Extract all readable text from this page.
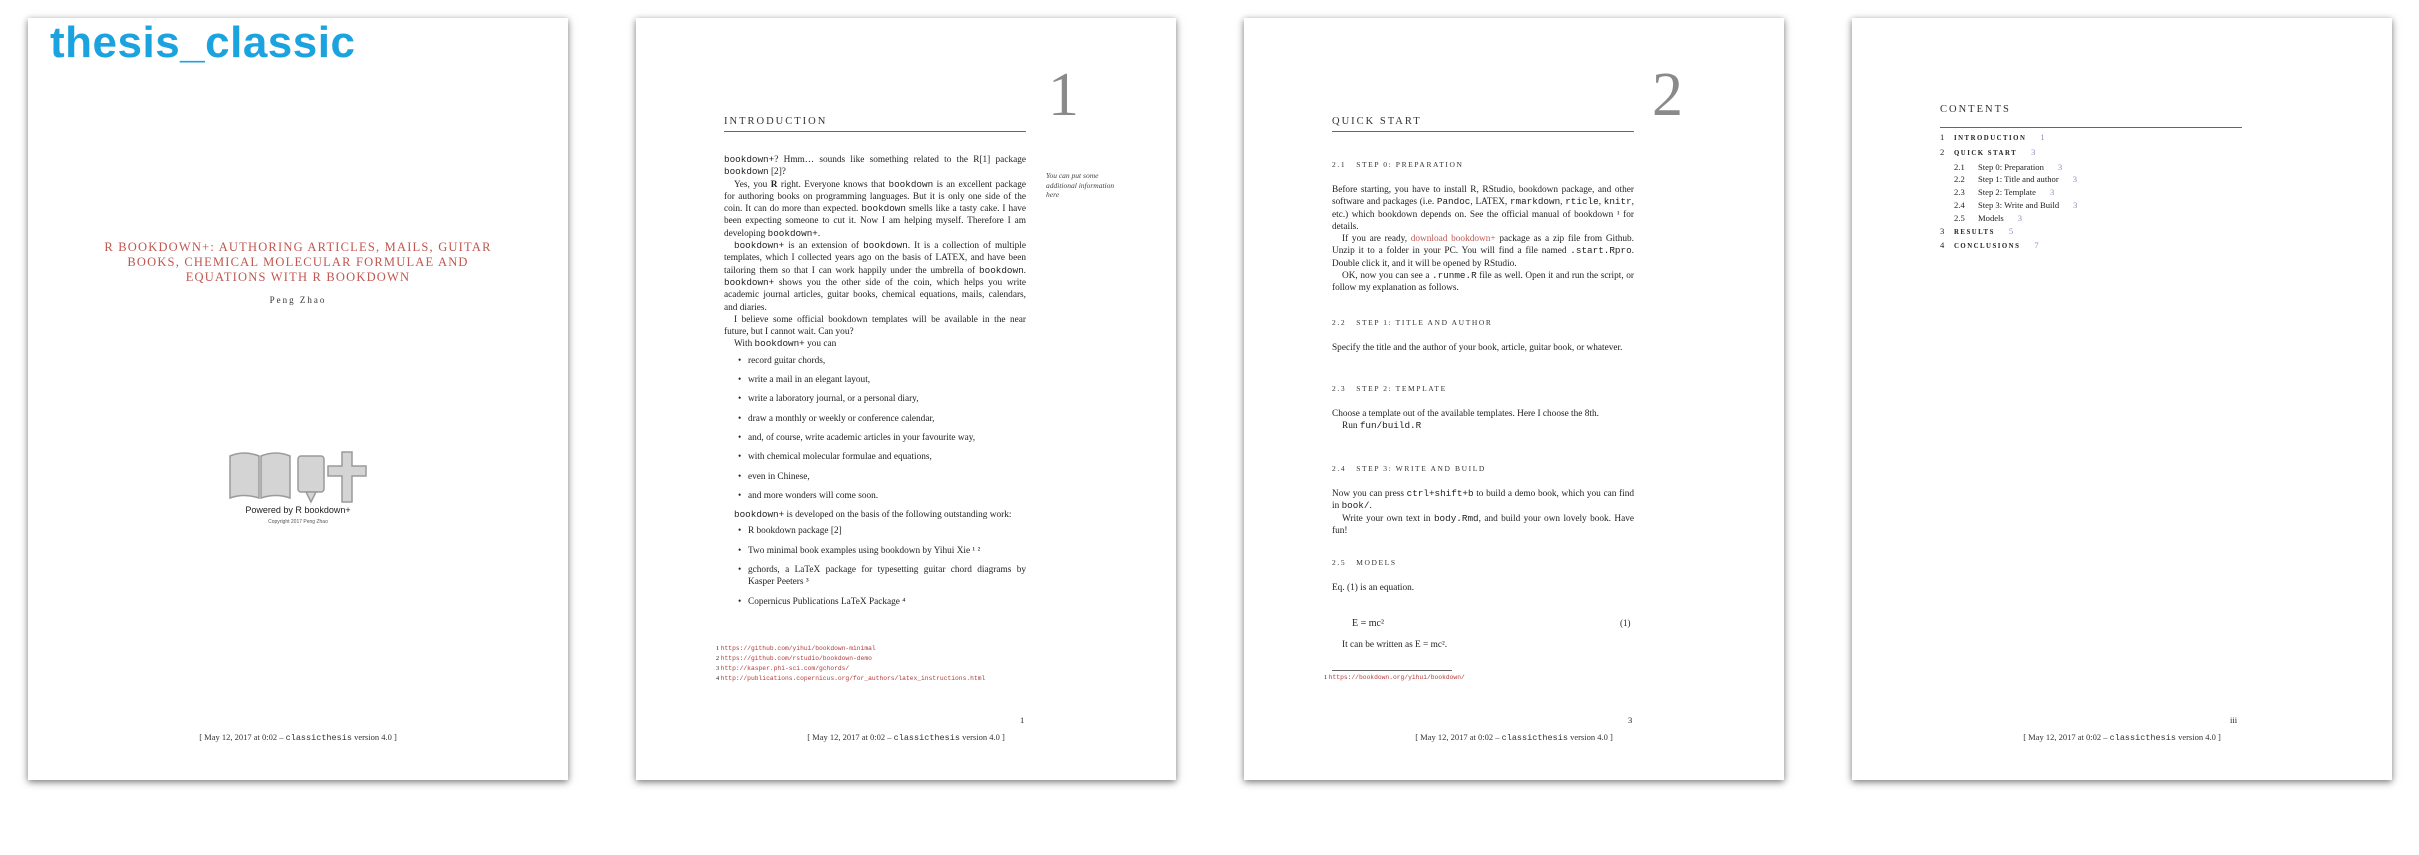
thesis_classic
R BOOKDOWN+: AUTHORING ARTICLES, MAILS, GUITAR BOOKS, CHEMICAL MOLECULAR FORMULAE AND EQUATIONS WITH R BOOKDOWN
Peng Zhao
Powered by R bookdown+
Copyright 2017 Peng Zhao
[ May 12, 2017 at 0:02 – classicthesis version 4.0 ]
1
INTRODUCTION
You can put some additional information here

bookdown+? Hmm… sounds like something related to the R[1] package bookdown [2]?

Yes, you R right. Everyone knows that bookdown is an excellent package for authoring books on programming languages. But it is only one side of the coin. It can do more than expected. bookdown smells like a tasty cake. I have been expecting someone to cut it. Now I am helping myself. Therefore I am developing bookdown+.

bookdown+ is an extension of bookdown. It is a collection of multiple templates, which I collected years ago on the basis of LATEX, and have been tailoring them so that I can work happily under the umbrella of bookdown. bookdown+ shows you the other side of the coin, which helps you write academic journal articles, guitar books, chemical equations, mails, calendars, and diaries.

I believe some official bookdown templates will be available in the near future, but I cannot wait. Can you?

With bookdown+ you can

• record guitar chords,
• write a mail in an elegant layout,
• write a laboratory journal, or a personal diary,
• draw a monthly or weekly or conference calendar,
• and, of course, write academic articles in your favourite way,
• with chemical molecular formulae and equations,
• even in Chinese,
• and more wonders will come soon.

bookdown+ is developed on the basis of the following outstanding work:

• R bookdown package [2]
• Two minimal book examples using bookdown by Yihui Xie ¹ ²
• gchords, a LaTeX package for typesetting guitar chord diagrams by Kasper Peeters ³
• Copernicus Publications LaTeX Package ⁴
1 https://github.com/yihui/bookdown-minimal
2 https://github.com/rstudio/bookdown-demo
3 http://kasper.phi-sci.com/gchords/
4 http://publications.copernicus.org/for_authors/latex_instructions.html
1
[ May 12, 2017 at 0:02 – classicthesis version 4.0 ]
2
QUICK START
2.1 STEP 0: PREPARATION

Before starting, you have to install R, RStudio, bookdown package, and other software and packages (i.e. Pandoc, LATEX, rmarkdown, rticle, knitr, etc.) which bookdown depends on. See the official manual of bookdown ¹ for details.

If you are ready, download bookdown+ package as a zip file from Github. Unzip it to a folder in your PC. You will find a file named .start.Rpro. Double click it, and it will be opened by RStudio.

OK, now you can see a .runme.R file as well. Open it and run the script, or follow my explanation as follows.

2.2 STEP 1: TITLE AND AUTHOR

Specify the title and the author of your book, article, guitar book, or whatever.

2.3 STEP 2: TEMPLATE

Choose a template out of the available templates. Here I choose the 8th.

Run fun/build.R

2.4 STEP 3: WRITE AND BUILD

Now you can press ctrl+shift+b to build a demo book, which you can find in book/.

Write your own text in body.Rmd, and build your own lovely book. Have fun!

2.5 MODELS

Eq. (1) is an equation.

E = mc²	(1)
It can be written as E = mc².
1 https://bookdown.org/yihui/bookdown/
3
[ May 12, 2017 at 0:02 – classicthesis version 4.0 ]
CONTENTS
1 INTRODUCTION 1
2 QUICK START 3
2.1 Step 0: Preparation 3
2.2 Step 1: Title and author 3
2.3 Step 2: Template 3
2.4 Step 3: Write and Build 3
2.5 Models 3
3 RESULTS 5
4 CONCLUSIONS 7
iii
[ May 12, 2017 at 0:02 – classicthesis version 4.0 ]
